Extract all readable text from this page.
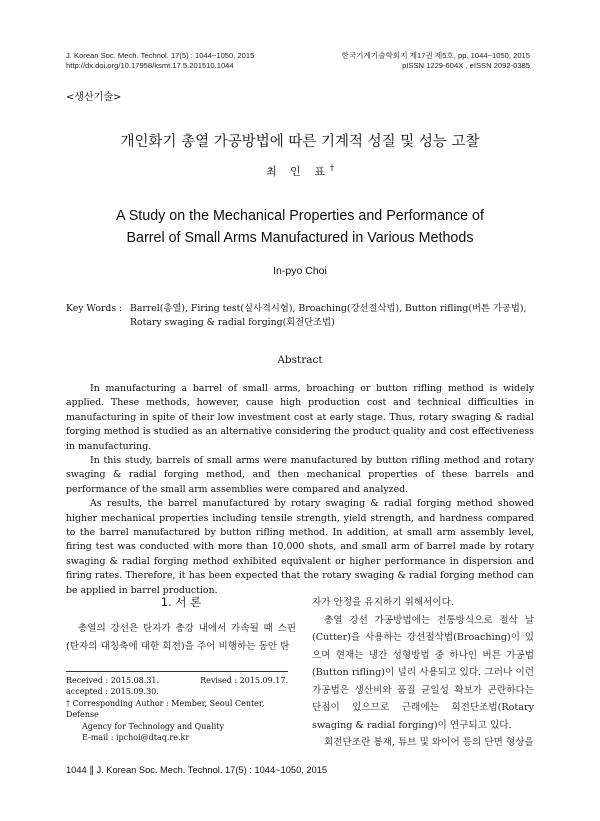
J. Korean Soc. Mech. Technol. 17(5) : 1044~1050, 2015
http://dx.doi.org/10.17958/ksmt.17.5.201510.1044
한국기계기술학회지 제17권 제5호, pp. 1044~1050, 2015
pISSN 1229-604X , eISSN 2092-0385
<생산기술>
개인화기 총열 가공방법에 따른 기계적 성질 및 성능 고찰
최 인 표†
A Study on the Mechanical Properties and Performance of
Barrel of Small Arms Manufactured in Various Methods
In-pyo Choi
Key Words : Barrel(총열), Firing test(실사격시험), Broaching(강선절삭법), Button rifling(버튼 가공법), Rotary swaging & radial forging(회전단조법)
Abstract

In manufacturing a barrel of small arms, broaching or button rifling method is widely applied. These methods, however, cause high production cost and technical difficulties in manufacturing in spite of their low investment cost at early stage. Thus, rotary swaging & radial forging method is studied as an alternative considering the product quality and cost effectiveness in manufacturing.

In this study, barrels of small arms were manufactured by button rifling method and rotary swaging & radial forging method, and then mechanical properties of these barrels and performance of the small arm assemblies were compared and analyzed.

As results, the barrel manufactured by rotary swaging & radial forging method showed higher mechanical properties including tensile strength, yield strength, and hardness compared to the barrel manufactured by button rifling method. In addition, at small arm assembly level, firing test was conducted with more than 10,000 shots, and small arm of barrel made by rotary swaging & radial forging method exhibited equivalent or higher performance in dispersion and firing rates. Therefore, it has been expected that the rotary swaging & radial forging method can be applied in barrel production.

1. 서 론

총열의 강선은 탄자가 총강 내에서 가속될 때 스핀(탄자의 대칭축에 대한 회전)을 주어 비행하는 동안 탄

자가 안정을 유지하기 위해서이다.

총열 강선 가공방법에는 전통방식으로 절삭 날(Cutter)을 사용하는 강선절삭법(Broaching)이 있으며 현재는 냉간 성형방법 중 하나인 버튼 가공법(Button rifling)이 널리 사용되고 있다. 그러나 이런 가공법은 생산비와 품질 균일성 확보가 곤란하다는 단점이 있으므로 근래에는 회전단조법(Rotary swaging & radial forging)이 연구되고 있다.

회전단조란 봉재, 튜브 및 와이어 등의 단면 형상을

Received : 2015.08.31.	Revised : 2015.09.17.
accepted : 2015.09.30.
† Corresponding Author : Member, Seoul Center, Defense
Agency for Technology and Quality
E-mail : ipchoi@dtaq.re.kr
1044 ∥ J. Korean Soc. Mech. Technol. 17(5) : 1044~1050, 2015
